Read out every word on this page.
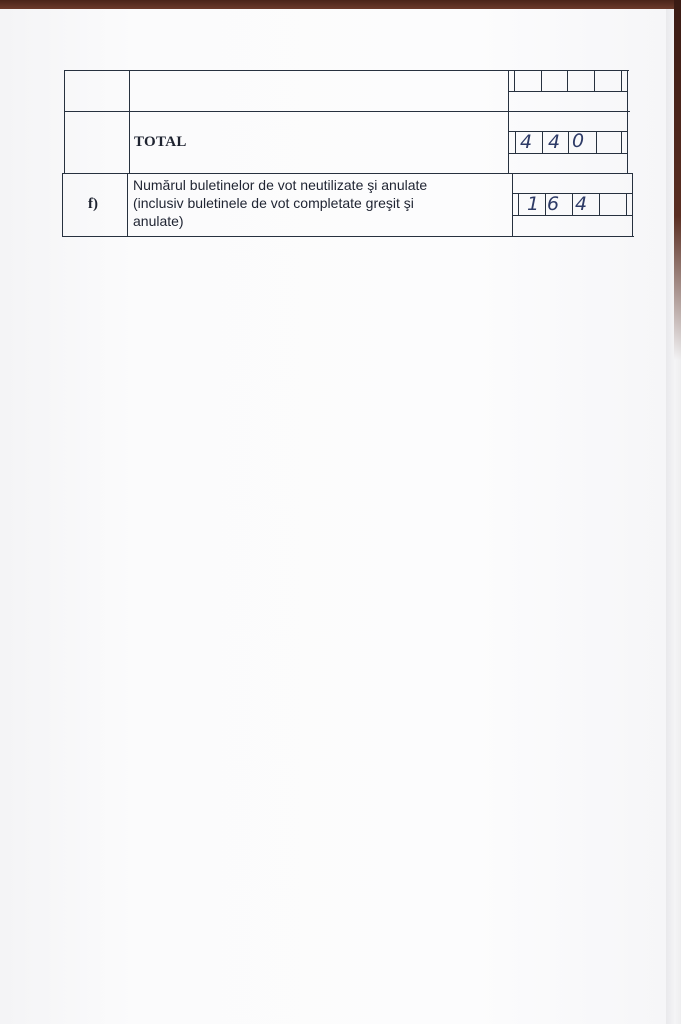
f)
TOTAL
Numărul buletinelor de vot neutilizate şi anulate
(inclusiv buletinele de vot completate greşit şi
anulate)
4 4 0
1 6 4
